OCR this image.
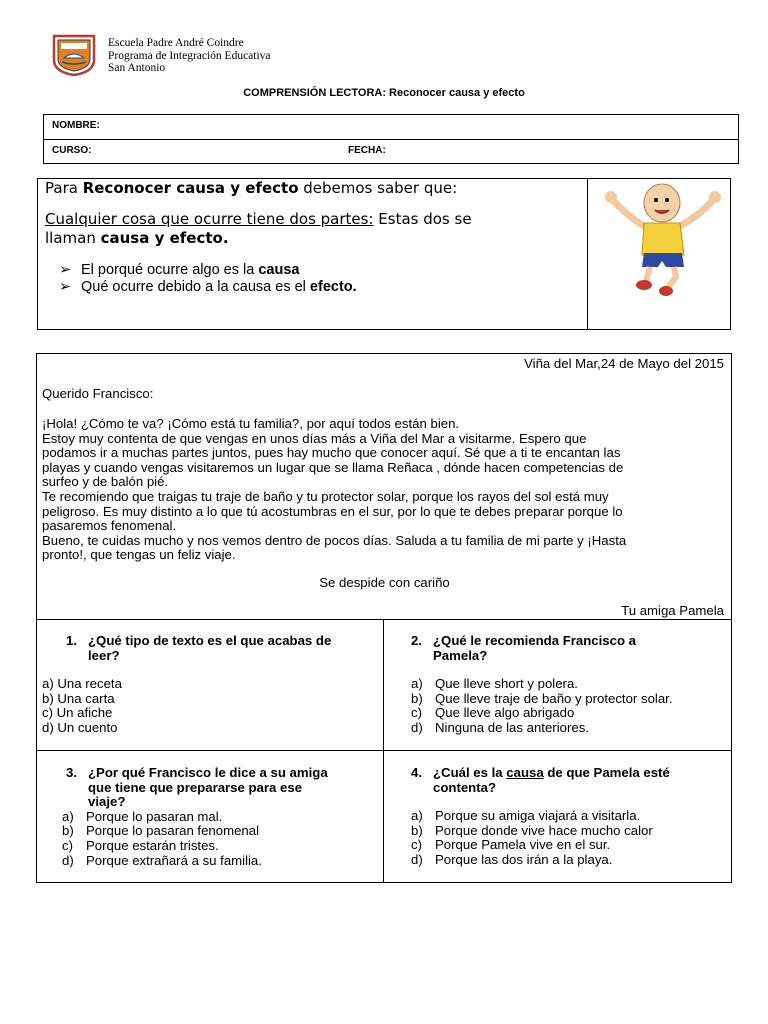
Escuela Padre André Coindre
Programa de Integración Educativa
San Antonio
COMPRENSIÓN LECTORA: Reconocer causa y efecto
NOMBRE:
CURSO:	FECHA:
Para Reconocer causa y efecto debemos saber que:
Cualquier cosa que ocurre tiene dos partes: Estas dos se
llaman causa y efecto.
➢ El porqué ocurre algo es la causa
➢ Qué ocurre debido a la causa es el efecto.
Viña del Mar,24 de Mayo del 2015
Querido Francisco:
¡Hola! ¿Cómo te va? ¡Cómo está tu familia?, por aquí todos están bien.
Estoy muy contenta de que vengas en unos días más a Viña del Mar a visitarme. Espero que
podamos ir a muchas partes juntos, pues hay mucho que conocer aquí. Sé que a ti te encantan las
playas y cuando vengas visitaremos un lugar que se llama Reñaca , dónde hacen competencias de
surfeo y de balón pié.
Te recomiendo que traigas tu traje de baño y tu protector solar, porque los rayos del sol está muy
peligroso. Es muy distinto a lo que tú acostumbras en el sur, por lo que te debes preparar porque lo
pasaremos fenomenal.
Bueno, te cuidas mucho y nos vemos dentro de pocos días. Saluda a tu familia de mi parte y ¡Hasta
pronto!, que tengas un feliz viaje.
Se despide con cariño
Tu amiga Pamela
1. ¿Qué tipo de texto es el que acabas de
leer?
a) Una receta
b) Una carta
c) Un afiche
d) Un cuento
2. ¿Qué le recomienda Francisco a
Pamela?
a) Que lleve short y polera.
b) Que lleve traje de baño y protector solar.
c) Que lleve algo abrigado
d) Ninguna de las anteriores.
3. ¿Por qué Francisco le dice a su amiga
que tiene que prepararse para ese
viaje?
a) Porque lo pasaran mal.
b) Porque lo pasaran fenomenal
c) Porque estarán tristes.
d) Porque extrañará a su familia.
4. ¿Cuál es la causa de que Pamela esté
contenta?
a) Porque su amiga viajará a visitarla.
b) Porque donde vive hace mucho calor
c) Porque Pamela vive en el sur.
d) Porque las dos irán a la playa.
